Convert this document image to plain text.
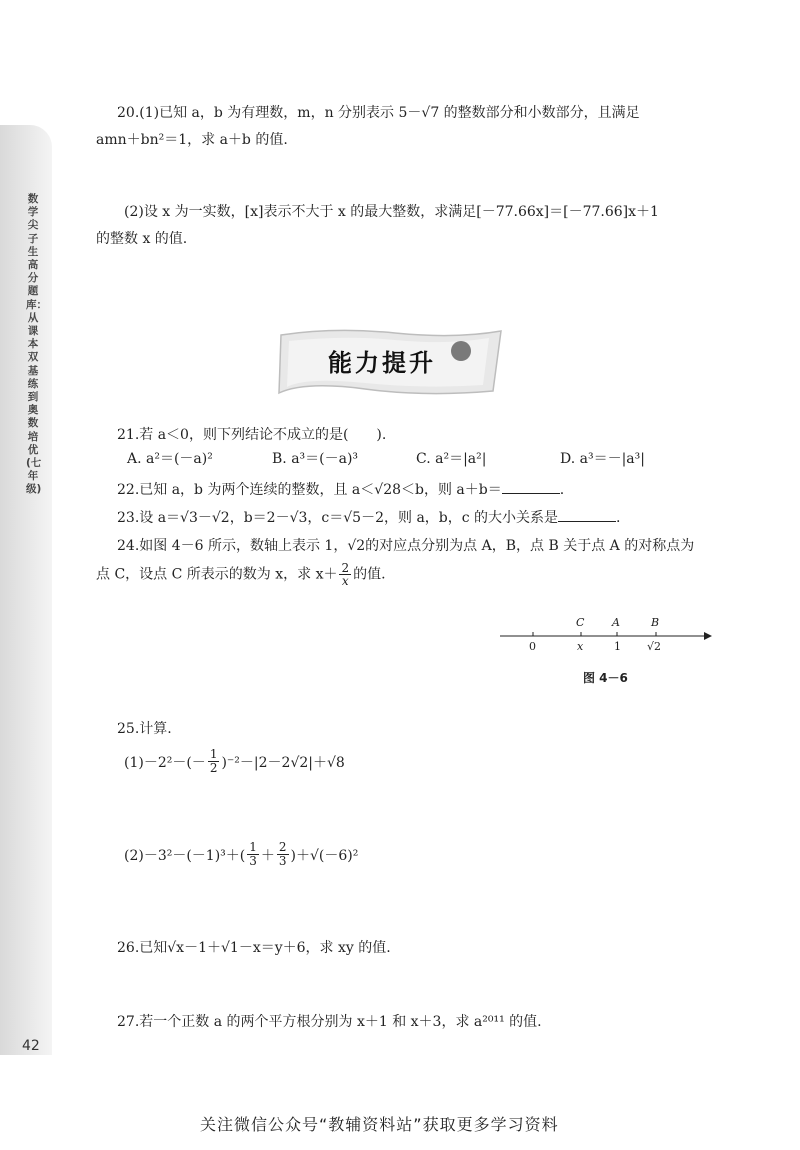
数学尖子生高分题库：从课本双基练到奥数培优(七年级)
42
20.(1)已知 a，b 为有理数，m，n 分别表示 5－√7 的整数部分和小数部分，且满足
amn＋bn²＝1，求 a＋b 的值.
(2)设 x 为一实数，[x]表示不大于 x 的最大整数，求满足[－77.66x]＝[－77.66]x＋1
的整数 x 的值.
能力提升
21.若 a＜0，则下列结论不成立的是(　　).
A. a²＝(－a)²	B. a³＝(－a)³	C. a²＝|a²|	D. a³＝－|a³|
22.已知 a，b 为两个连续的整数，且 a＜√28＜b，则 a＋b＝	.
23.设 a＝√3－√2，b＝2－√3，c＝√5－2，则 a，b，c 的大小关系是	.
24.如图 4－6 所示，数轴上表示 1，√2的对应点分别为点 A，B，点 B 关于点 A 的对称点为
点 C，设点 C 所表示的数为 x，求 $x+ \frac{2}{x}$ 的值.
C	A	B
0	x	1 √2
图 4－6
25.计算.
$(1)-2^2-(- \frac{1}{2} )^{-2}-|2-2√2|+√8$
$(2)-3^2-(-1)^3+( \frac{1}{3} + \frac{2}{3} )+√(-6)^2$
26.已知√x－1＋√1－x＝y＋6，求 xy 的值.
27.若一个正数 a 的两个平方根分别为 x＋1 和 x＋3，求 a²⁰¹¹ 的值.
关注微信公众号“教辅资料站”获取更多学习资料
